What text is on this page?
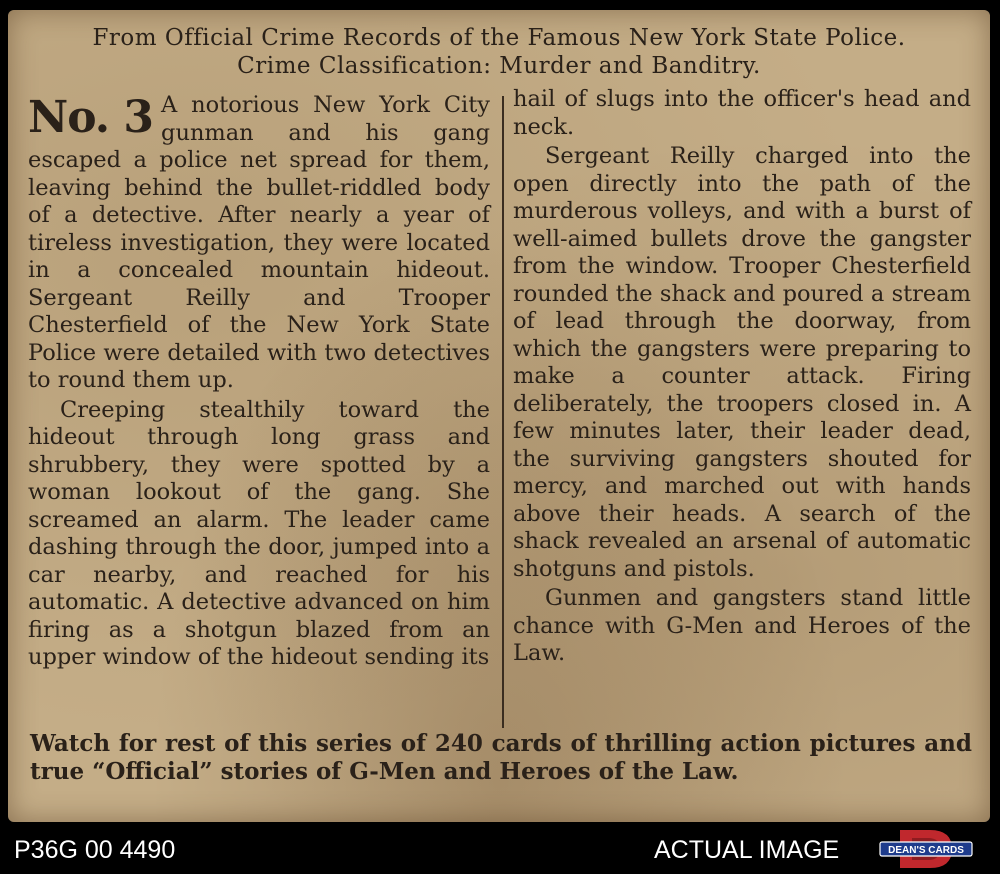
From Official Crime Records of the Famous New York State Police.
Crime Classification: Murder and Banditry.
No. 3 A notorious New York City gunman and his gang escaped a police net spread for them, leaving behind the bullet-riddled body of a detective. After nearly a year of tireless investigation, they were located in a concealed mountain hideout. Sergeant Reilly and Trooper Chesterfield of the New York State Police were detailed with two detectives to round them up.

Creeping stealthily toward the hideout through long grass and shrubbery, they were spotted by a woman lookout of the gang. She screamed an alarm. The leader came dashing through the door, jumped into a car nearby, and reached for his automatic. A detective advanced on him firing as a shotgun blazed from an upper window of the hideout sending its

hail of slugs into the officer's head and neck.

Sergeant Reilly charged into the open directly into the path of the murderous volleys, and with a burst of well-aimed bullets drove the gangster from the window. Trooper Chesterfield rounded the shack and poured a stream of lead through the doorway, from which the gangsters were preparing to make a counter attack. Firing deliberately, the troopers closed in. A few minutes later, their leader dead, the surviving gangsters shouted for mercy, and marched out with hands above their heads. A search of the shack revealed an arsenal of automatic shotguns and pistols.

Gunmen and gangsters stand little chance with G-Men and Heroes of the Law.

Watch for rest of this series of 240 cards of thrilling action pictures and true “Official” stories of G-Men and Heroes of the Law.
P36G 00 4490	ACTUAL IMAGE	DEAN'S CARDS
